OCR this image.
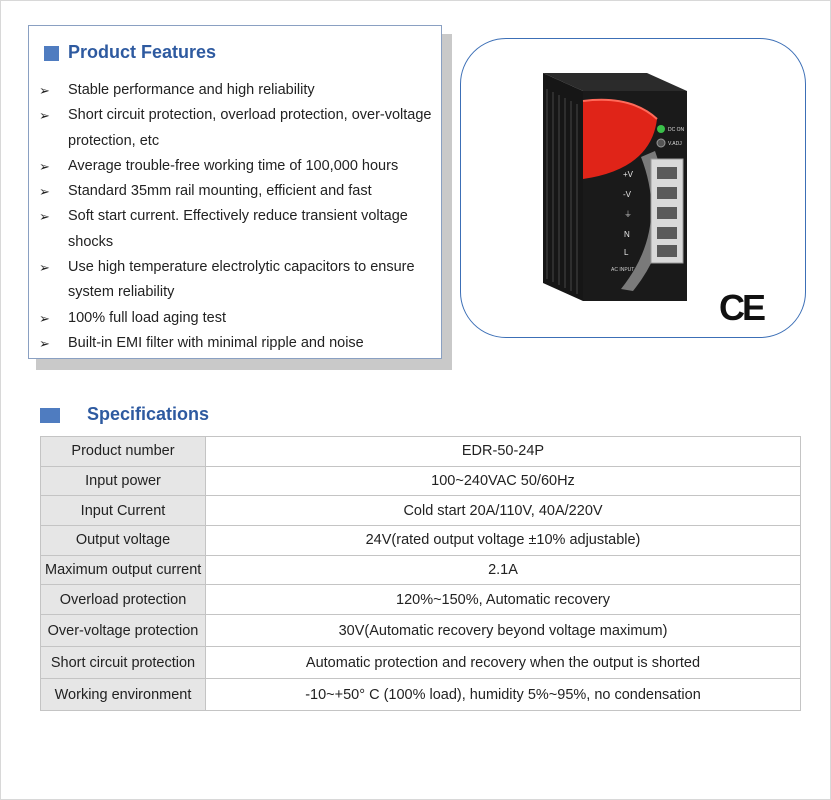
Product Features
➢ Stable performance and high reliability
➢ Short circuit protection, overload protection, over-voltage protection, etc
➢ Average trouble-free working time of 100,000 hours
➢ Standard 35mm rail mounting, efficient and fast
➢ Soft start current. Effectively reduce transient voltage shocks
➢ Use high temperature electrolytic capacitors to ensure system reliability
➢ 100% full load aging test
➢ Built-in EMI filter with minimal ripple and noise
DC ON
V.ADJ
+V
-V
⏚
N
L
AC INPUT
CE
Specifications
Product number	EDR-50-24P
Input power	100~240VAC 50/60Hz
Input Current	Cold start 20A/110V, 40A/220V
Output voltage	24V(rated output voltage ±10% adjustable)
Maximum output current	2.1A
Overload protection	120%~150%, Automatic recovery
Over-voltage protection	30V(Automatic recovery beyond voltage maximum)
Short circuit protection	Automatic protection and recovery when the output is shorted
Working environment	-10~+50° C (100% load), humidity 5%~95%, no condensation
